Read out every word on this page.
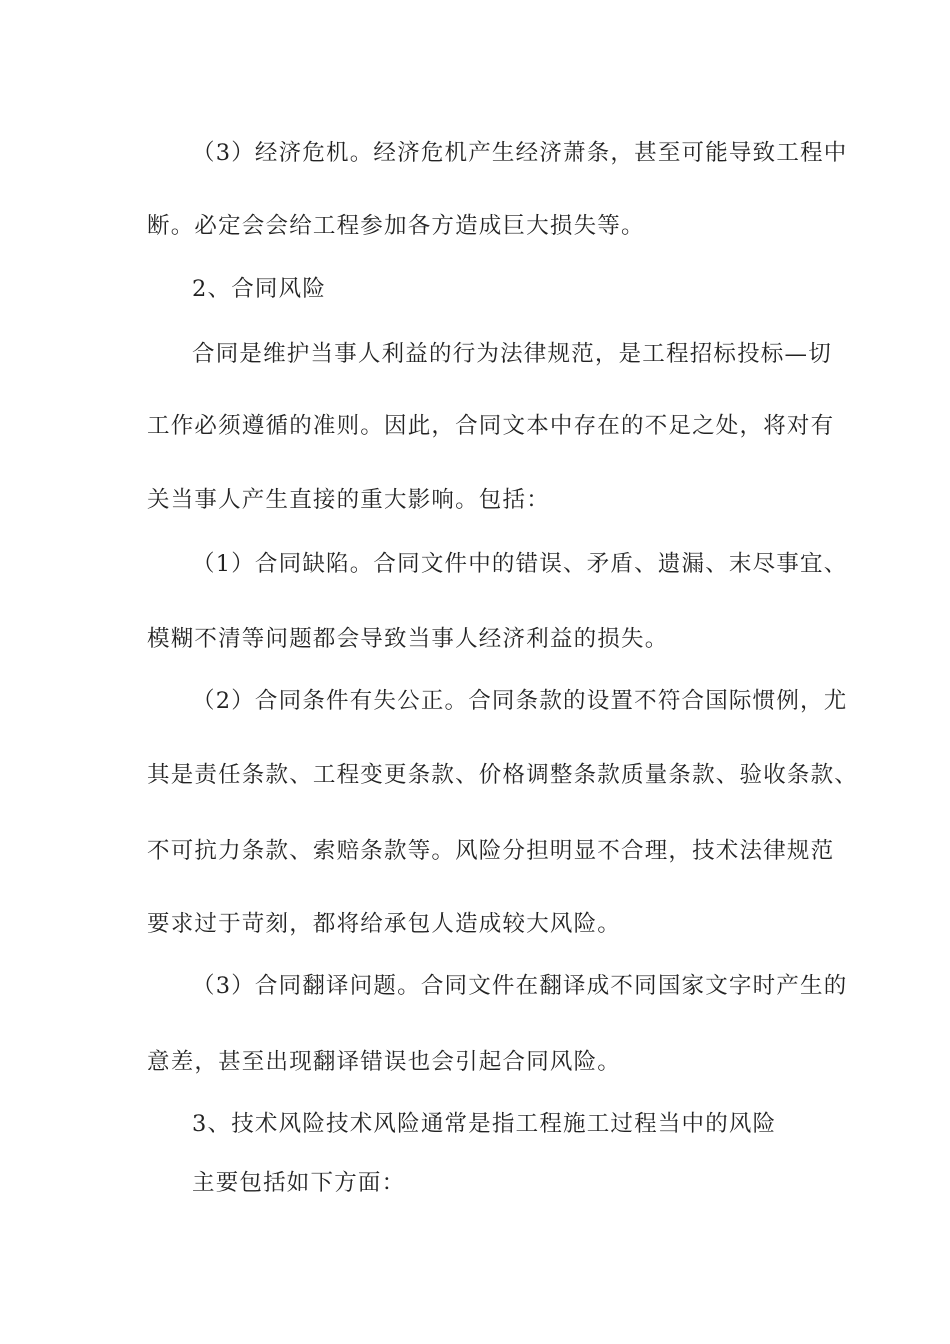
（3）经济危机。经济危机产生经济萧条，甚至可能导致工程中
断。必定会会给工程参加各方造成巨大损失等。
2、合同风险
合同是维护当事人利益的行为法律规范，是工程招标投标—切
工作必须遵循的准则。因此，合同文本中存在的不足之处，将对有
关当事人产生直接的重大影响。包括：
（1）合同缺陷。合同文件中的错误、矛盾、遗漏、末尽事宜、
模糊不清等问题都会导致当事人经济利益的损失。
（2）合同条件有失公正。合同条款的设置不符合国际惯例，尤
其是责任条款、工程变更条款、价格调整条款质量条款、验收条款、
不可抗力条款、索赔条款等。风险分担明显不合理，技术法律规范
要求过于苛刻，都将给承包人造成较大风险。
（3）合同翻译问题。合同文件在翻译成不同国家文字时产生的
意差，甚至出现翻译错误也会引起合同风险。
3、技术风险技术风险通常是指工程施工过程当中的风险
主要包括如下方面：
